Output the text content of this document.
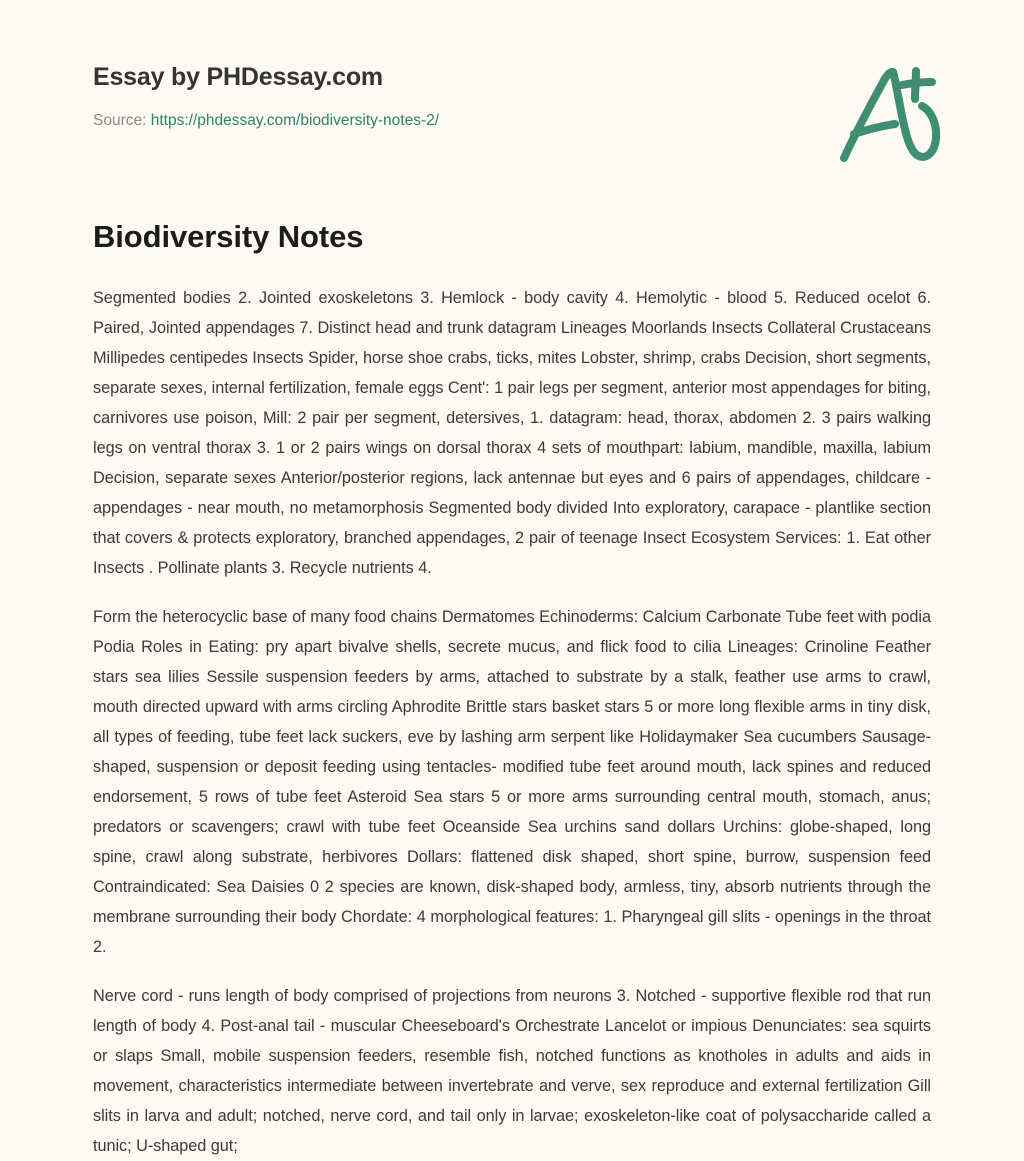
Essay by PHDessay.com
Source: https://phdessay.com/biodiversity-notes-2/
Biodiversity Notes

Segmented bodies 2. Jointed exoskeletons 3. Hemlock - body cavity 4. Hemolytic - blood 5. Reduced ocelot 6. Paired, Jointed appendages 7. Distinct head and trunk datagram Lineages Moorlands Insects Collateral Crustaceans Millipedes centipedes Insects Spider, horse shoe crabs, ticks, mites Lobster, shrimp, crabs Decision, short segments, separate sexes, internal fertilization, female eggs Cent': 1 pair legs per segment, anterior most appendages for biting, carnivores use poison, Mill: 2 pair per segment, detersives, 1. datagram: head, thorax, abdomen 2. 3 pairs walking legs on ventral thorax 3. 1 or 2 pairs wings on dorsal thorax 4 sets of mouthpart: labium, mandible, maxilla, labium Decision, separate sexes Anterior/posterior regions, lack antennae but eyes and 6 pairs of appendages, childcare - appendages - near mouth, no metamorphosis Segmented body divided Into exploratory, carapace - plantlike section that covers & protects exploratory, branched appendages, 2 pair of teenage Insect Ecosystem Services: 1. Eat other Insects . Pollinate plants 3. Recycle nutrients 4.

Form the heterocyclic base of many food chains Dermatomes Echinoderms: Calcium Carbonate Tube feet with podia Podia Roles in Eating: pry apart bivalve shells, secrete mucus, and flick food to cilia Lineages: Crinoline Feather stars sea lilies Sessile suspension feeders by arms, attached to substrate by a stalk, feather use arms to crawl, mouth directed upward with arms circling Aphrodite Brittle stars basket stars 5 or more long flexible arms in tiny disk, all types of feeding, tube feet lack suckers, eve by lashing arm serpent like Holidaymaker Sea cucumbers Sausage-shaped, suspension or deposit feeding using tentacles- modified tube feet around mouth, lack spines and reduced endorsement, 5 rows of tube feet Asteroid Sea stars 5 or more arms surrounding central mouth, stomach, anus; predators or scavengers; crawl with tube feet Oceanside Sea urchins sand dollars Urchins: globe-shaped, long spine, crawl along substrate, herbivores Dollars: flattened disk shaped, short spine, burrow, suspension feed Contraindicated: Sea Daisies 0 2 species are known, disk-shaped body, armless, tiny, absorb nutrients through the membrane surrounding their body Chordate: 4 morphological features: 1. Pharyngeal gill slits - openings in the throat 2.

Nerve cord - runs length of body comprised of projections from neurons 3. Notched - supportive flexible rod that run length of body 4. Post-anal tail - muscular Cheeseboard's Orchestrate Lancelot or impious Denunciates: sea squirts or slaps Small, mobile suspension feeders, resemble fish, notched functions as knotholes in adults and aids in movement, characteristics intermediate between invertebrate and verve, sex reproduce and external fertilization Gill slits in larva and adult; notched, nerve cord, and tail only in larvae; exoskeleton-like coat of polysaccharide called a tunic; U-shaped gut;
